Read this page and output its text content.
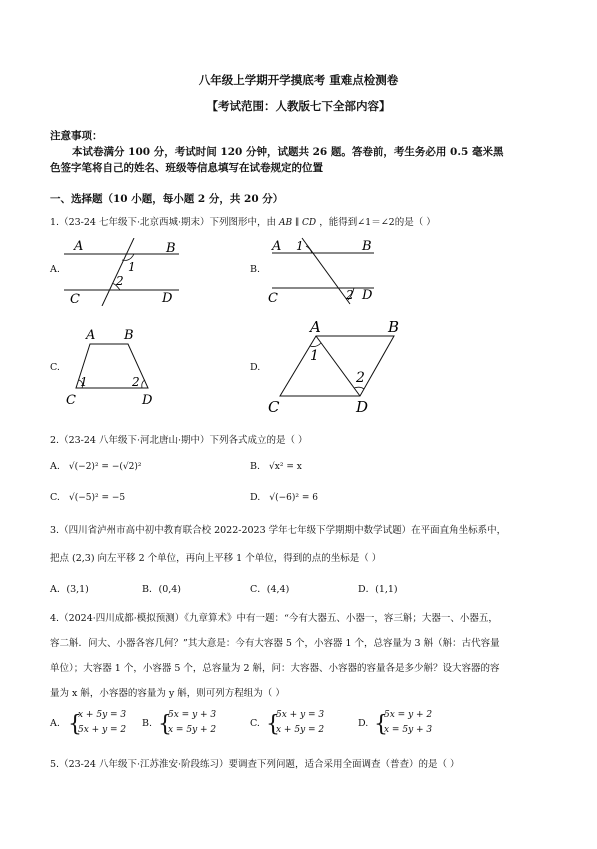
八年级上学期开学摸底考 重难点检测卷
【考试范围：人教版七下全部内容】
注意事项：
本试卷满分 100 分，考试时间 120 分钟，试题共 26 题。答卷前，考生务必用 0.5 毫米黑
色签字笔将自己的姓名、班级等信息填写在试卷规定的位置
一、选择题（10 小题，每小题 2 分，共 20 分）
1.（23-24 七年级下·北京西城·期末）下列图形中，由 AB ∥ CD ，能得到∠1＝∠2的是（ ）
A.
A	B
C	D
1
2
B.
A	B
1
C	2 D
C.
A B
C	D
1	2
D.
A	B
C	D
1
2
2.（23-24 八年级下·河北唐山·期中）下列各式成立的是（ ）
A. √(−2)² = −(√2)²	B. √x² = x
C. √(−5)² = −5	D. √(−6)² = 6
3.（四川省泸州市高中初中教育联合校 2022-2023 学年七年级下学期期中数学试题）在平面直角坐标系中，
把点 (2,3) 向左平移 2 个单位，再向上平移 1 个单位，得到的点的坐标是（ ）
A．(3,1)	B．(0,4)	C．(4,4)	D．(1,1)
4.（2024·四川成都·模拟预测）《九章算术》中有一题：“今有大器五、小器一，容三斛；大器一、小器五，
容二斛．问大、小器各容几何？”其大意是：今有大容器 5 个，小容器 1 个，总容量为 3 斛（斛：古代容量
单位）；大容器 1 个，小容器 5 个，总容量为 2 斛，问：大容器、小容器的容量各是多少斛？设大容器的容
量为 x 斛，小容器的容量为 y 斛，则可列方程组为（ ）
A. {
x + 5y = 3
5x + y = 2
B. {
5x = y + 3
x = 5y + 2
C. {
5x + y = 3
x + 5y = 2
D. {
5x = y + 2
x = 5y + 3
5.（23-24 八年级下·江苏淮安·阶段练习）要调查下列问题，适合采用全面调查（普查）的是（ ）
